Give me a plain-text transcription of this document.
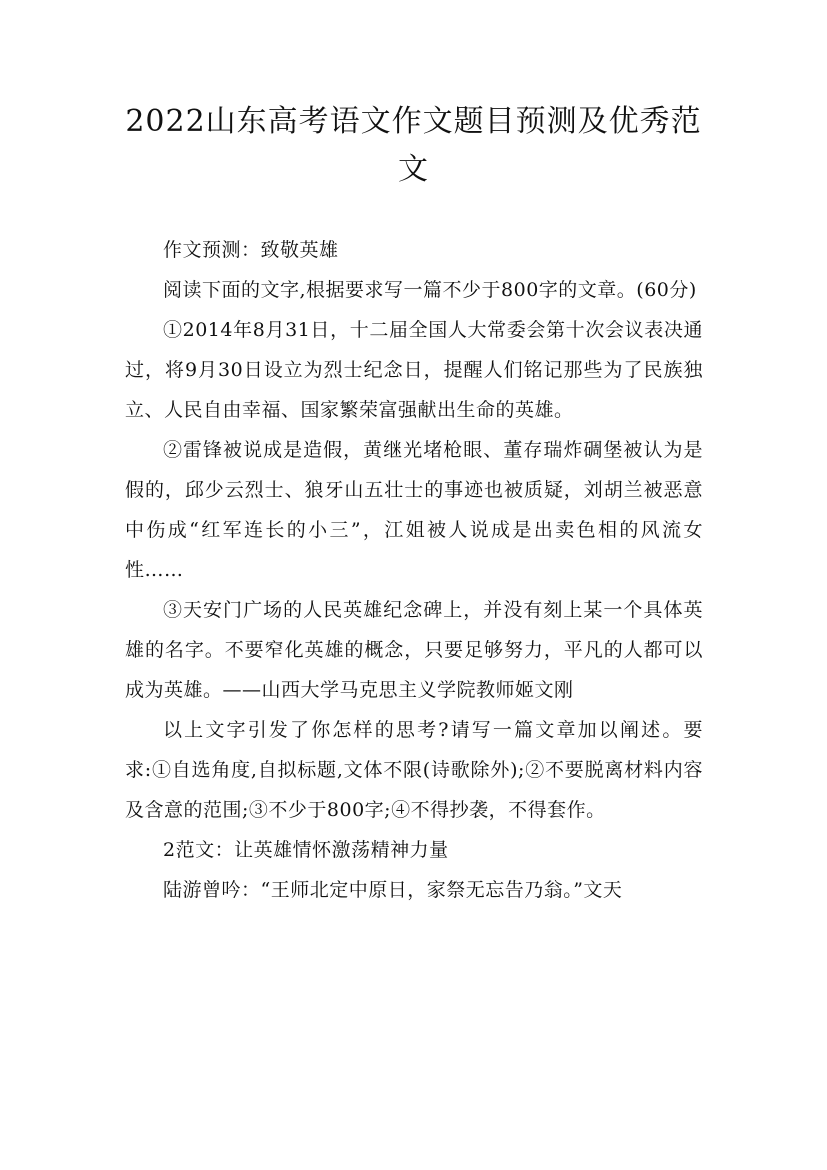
2022山东高考语文作文题目预测及优秀范文

作文预测：致敬英雄

阅读下面的文字,根据要求写一篇不少于800字的文章。(60分)

①2014年8月31日，十二届全国人大常委会第十次会议表决通过，将9月30日设立为烈士纪念日，提醒人们铭记那些为了民族独立、人民自由幸福、国家繁荣富强献出生命的英雄。

②雷锋被说成是造假，黄继光堵枪眼、董存瑞炸碉堡被认为是假的，邱少云烈士、狼牙山五壮士的事迹也被质疑，刘胡兰被恶意中伤成“红军连长的小三”，江姐被人说成是出卖色相的风流女性……

③天安门广场的人民英雄纪念碑上，并没有刻上某一个具体英雄的名字。不要窄化英雄的概念，只要足够努力，平凡的人都可以成为英雄。——山西大学马克思主义学院教师姬文刚

以上文字引发了你怎样的思考?请写一篇文章加以阐述。要求:①自选角度,自拟标题,文体不限(诗歌除外);②不要脱离材料内容及含意的范围;③不少于800字;④不得抄袭，不得套作。

2范文：让英雄情怀激荡精神力量

陆游曾吟：“王师北定中原日，家祭无忘告乃翁。”文天
